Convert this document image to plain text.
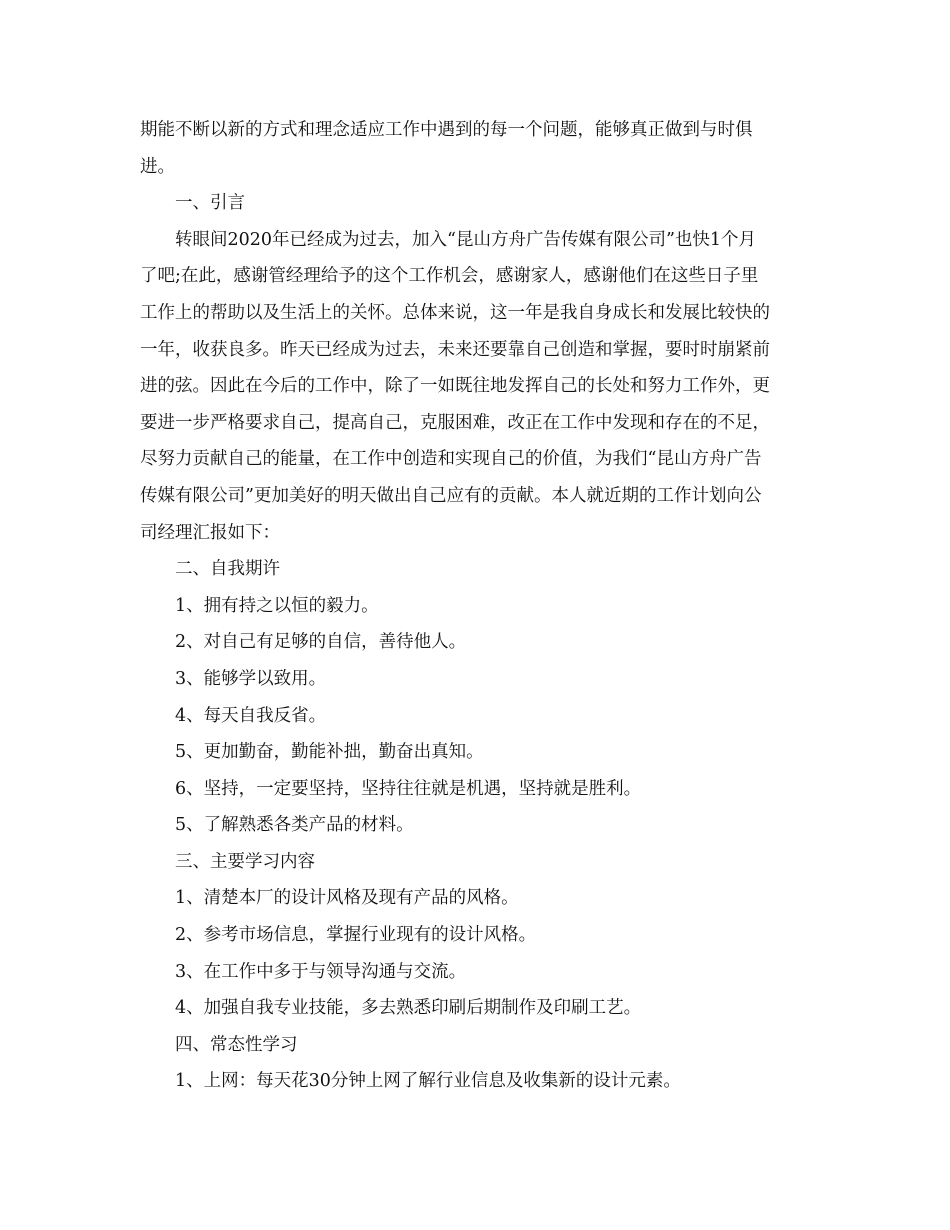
期能不断以新的方式和理念适应工作中遇到的每一个问题，能够真正做到与时俱
进。
一、引言
转眼间2020年已经成为过去，加入“昆山方舟广告传媒有限公司”也快1个月
了吧;在此，感谢管经理给予的这个工作机会，感谢家人，感谢他们在这些日子里
工作上的帮助以及生活上的关怀。总体来说，这一年是我自身成长和发展比较快的
一年，收获良多。昨天已经成为过去，未来还要靠自己创造和掌握，要时时崩紧前
进的弦。因此在今后的工作中，除了一如既往地发挥自己的长处和努力工作外，更
要进一步严格要求自己，提高自己，克服困难，改正在工作中发现和存在的不足，
尽努力贡献自己的能量，在工作中创造和实现自己的价值，为我们“昆山方舟广告
传媒有限公司”更加美好的明天做出自己应有的贡献。本人就近期的工作计划向公
司经理汇报如下：
二、自我期许
1、拥有持之以恒的毅力。
2、对自己有足够的自信，善待他人。
3、能够学以致用。
4、每天自我反省。
5、更加勤奋，勤能补拙，勤奋出真知。
6、坚持，一定要坚持，坚持往往就是机遇，坚持就是胜利。
5、了解熟悉各类产品的材料。
三、主要学习内容
1、清楚本厂的设计风格及现有产品的风格。
2、参考市场信息，掌握行业现有的设计风格。
3、在工作中多于与领导沟通与交流。
4、加强自我专业技能，多去熟悉印刷后期制作及印刷工艺。
四、常态性学习
1、上网：每天花30分钟上网了解行业信息及收集新的设计元素。
